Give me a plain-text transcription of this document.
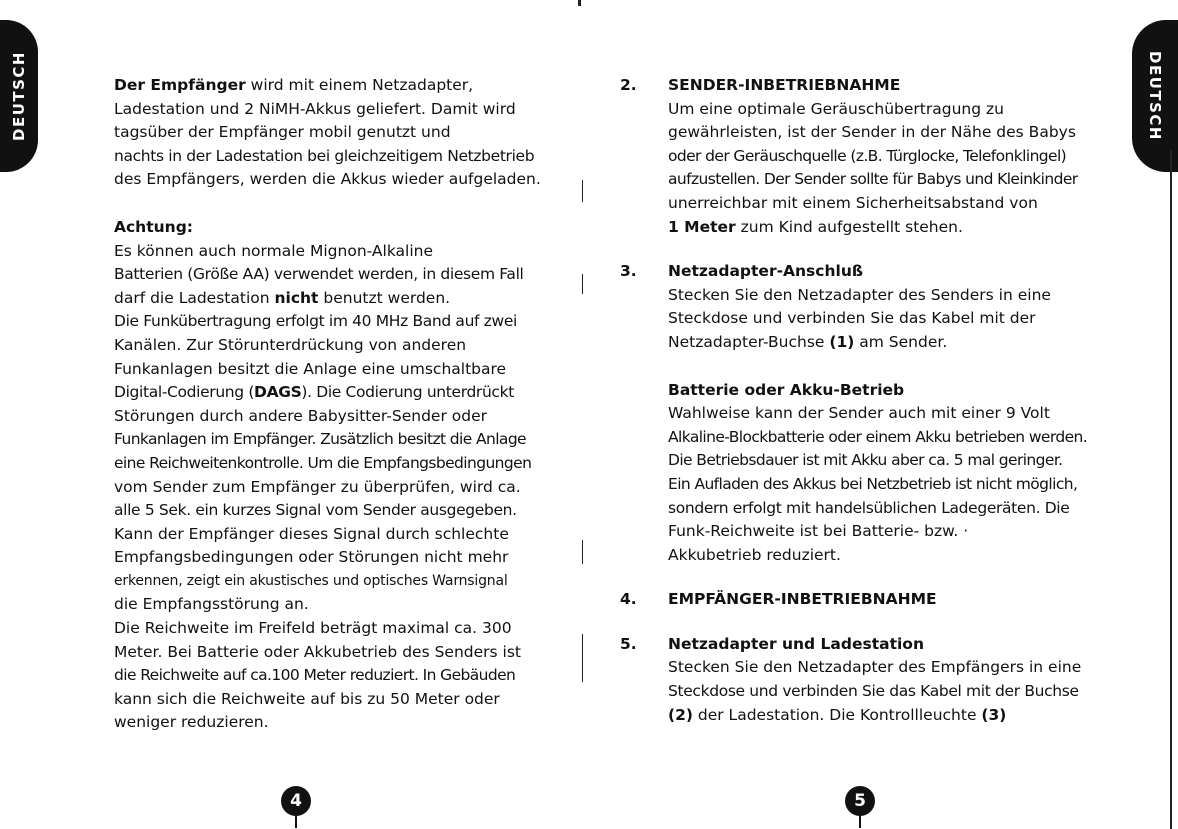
DEUTSCH	DEUTSCH
Der Empfänger wird mit einem Netzadapter,
Ladestation und 2 NiMH-Akkus geliefert. Damit wird
tagsüber der Empfänger mobil genutzt und
nachts in der Ladestation bei gleichzeitigem Netzbetrieb
des Empfängers, werden die Akkus wieder aufgeladen.
Achtung:
Es können auch normale Mignon-Alkaline
Batterien (Größe AA) verwendet werden, in diesem Fall
darf die Ladestation nicht benutzt werden.
Die Funkübertragung erfolgt im 40 MHz Band auf zwei
Kanälen. Zur Störunterdrückung von anderen
Funkanlagen besitzt die Anlage eine umschaltbare
Digital-Codierung (DAGS). Die Codierung unterdrückt
Störungen durch andere Babysitter-Sender oder
Funkanlagen im Empfänger. Zusätzlich besitzt die Anlage
eine Reichweitenkontrolle. Um die Empfangsbedingungen
vom Sender zum Empfänger zu überprüfen, wird ca.
alle 5 Sek. ein kurzes Signal vom Sender ausgegeben.
Kann der Empfänger dieses Signal durch schlechte
Empfangsbedingungen oder Störungen nicht mehr
erkennen, zeigt ein akustisches und optisches Warnsignal
die Empfangsstörung an.
Die Reichweite im Freifeld beträgt maximal ca. 300
Meter. Bei Batterie oder Akkubetrieb des Senders ist
die Reichweite auf ca.100 Meter reduziert. In Gebäuden
kann sich die Reichweite auf bis zu 50 Meter oder
weniger reduzieren.
2. SENDER-INBETRIEBNAHME
Um eine optimale Geräuschübertragung zu
gewährleisten, ist der Sender in der Nähe des Babys
oder der Geräuschquelle (z.B. Türglocke, Telefonklingel)
aufzustellen. Der Sender sollte für Babys und Kleinkinder
unerreichbar mit einem Sicherheitsabstand von
1 Meter zum Kind aufgestellt stehen.
3. Netzadapter-Anschluß
Stecken Sie den Netzadapter des Senders in eine
Steckdose und verbinden Sie das Kabel mit der
Netzadapter-Buchse (1) am Sender.
Batterie oder Akku-Betrieb
Wahlweise kann der Sender auch mit einer 9 Volt
Alkaline-Blockbatterie oder einem Akku betrieben werden.
Die Betriebsdauer ist mit Akku aber ca. 5 mal geringer.
Ein Aufladen des Akkus bei Netzbetrieb ist nicht möglich,
sondern erfolgt mit handelsüblichen Ladegeräten. Die
Funk-Reichweite ist bei Batterie- bzw. ·
Akkubetrieb reduziert.
4. EMPFÄNGER-INBETRIEBNAHME
5. Netzadapter und Ladestation
Stecken Sie den Netzadapter des Empfängers in eine
Steckdose und verbinden Sie das Kabel mit der Buchse
(2) der Ladestation. Die Kontrollleuchte (3)
4	5
